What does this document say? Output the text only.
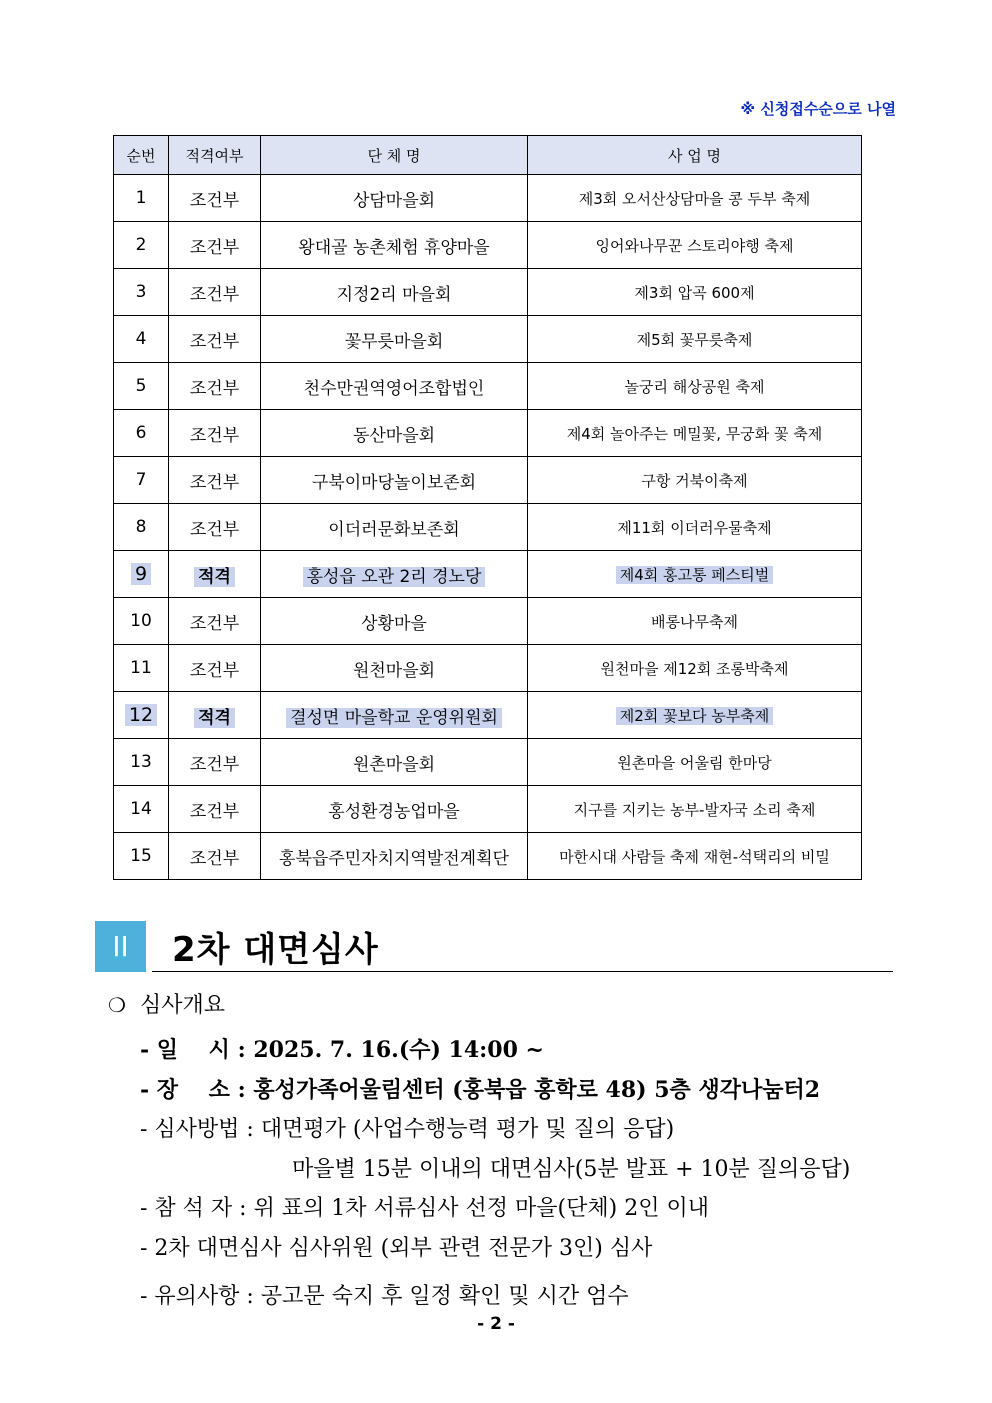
※ 신청접수순으로 나열
순번	적격여부	단 체 명	사 업 명
1	조건부	상담마을회	제3회 오서산상담마을 콩 두부 축제
2	조건부	왕대골 농촌체험 휴양마을	잉어와나무꾼 스토리야행 축제
3	조건부	지정2리 마을회	제3회 압곡 600제
4	조건부	꽃무릇마을회	제5회 꽃무릇축제
5	조건부	천수만권역영어조합법인	놀궁리 해상공원 축제
6	조건부	동산마을회	제4회 놀아주는 메밀꽃, 무궁화 꽃 축제
7	조건부	구북이마당놀이보존회	구항 거북이축제
8	조건부	이더러문화보존회	제11회 이더러우물축제
9	적격	홍성읍 오관 2리 경노당	제4회 홍고통 페스티벌
10	조건부	상황마을	배롱나무축제
11	조건부	원천마을회	원천마을 제12회 조롱박축제
12	적격	결성면 마을학교 운영위원회	제2회 꽃보다 농부축제
13	조건부	원촌마을회	원촌마을 어울림 한마당
14	조건부	홍성환경농업마을	지구를 지키는 농부-발자국 소리 축제
15	조건부	홍북읍주민자치지역발전계획단	마한시대 사람들 축제 재현-석택리의 비밀
II	2차 대면심사
❍ 심사개요
- 일    시 : 2025. 7. 16.(수) 14:00 ~
- 장    소 : 홍성가족어울림센터 (홍북읍 홍학로 48) 5층 생각나눔터2
- 심사방법 : 대면평가 (사업수행능력 평가 및 질의 응답)
마을별 15분 이내의 대면심사(5분 발표 + 10분 질의응답)
- 참 석 자 : 위 표의 1차 서류심사 선정 마을(단체) 2인 이내
- 2차 대면심사 심사위원 (외부 관련 전문가 3인) 심사
- 유의사항 : 공고문 숙지 후 일정 확인 및 시간 엄수
- 2 -
